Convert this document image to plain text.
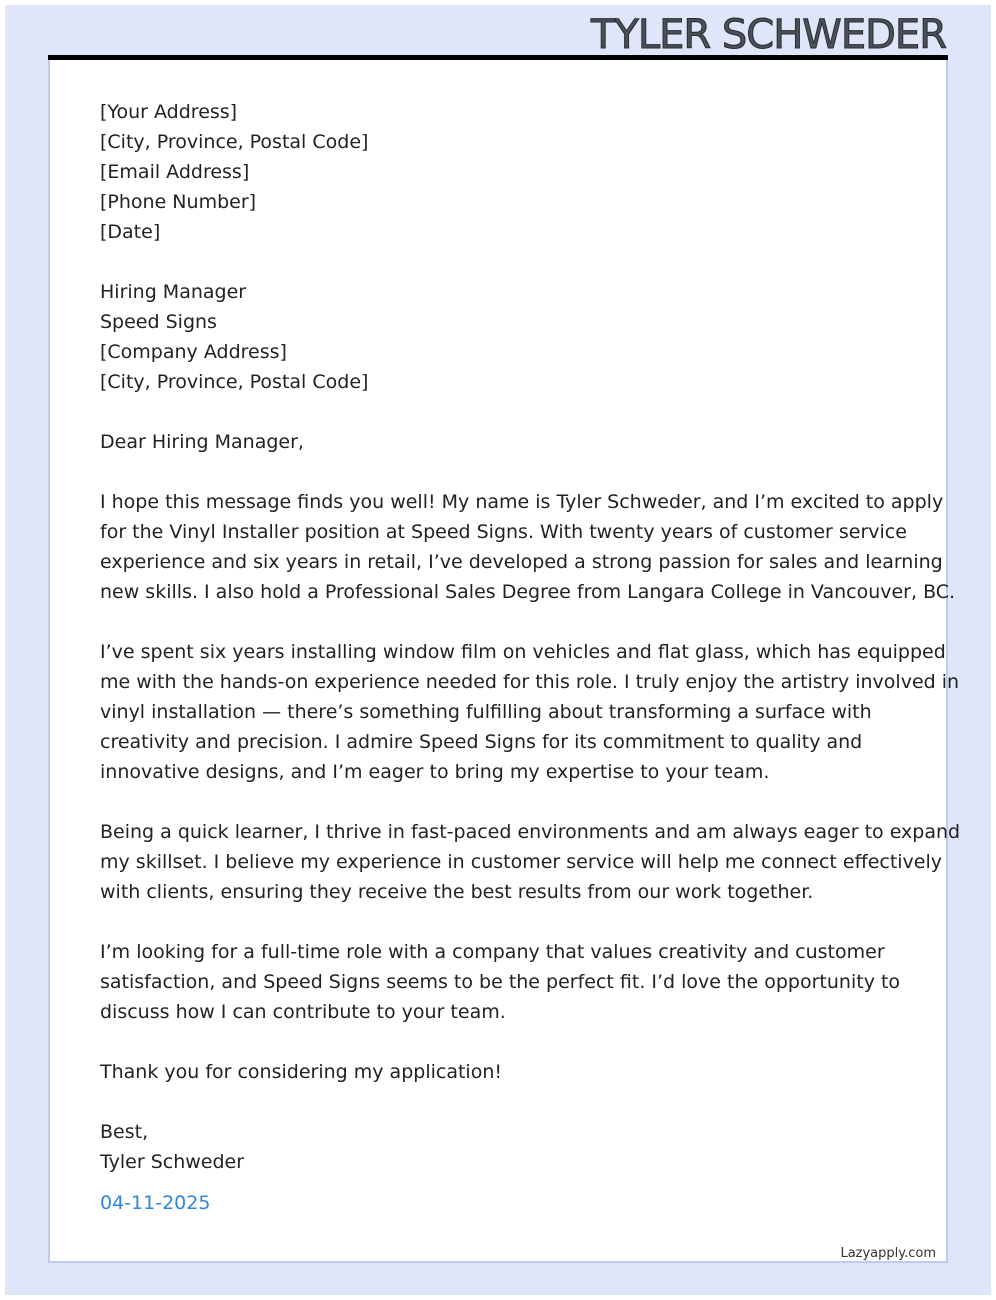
TYLER SCHWEDER
[Your Address]
[City, Province, Postal Code]
[Email Address]
[Phone Number]
[Date]
Hiring Manager
Speed Signs
[Company Address]
[City, Province, Postal Code]
Dear Hiring Manager,
I hope this message finds you well! My name is Tyler Schweder, and I’m excited to apply
for the Vinyl Installer position at Speed Signs. With twenty years of customer service
experience and six years in retail, I’ve developed a strong passion for sales and learning
new skills. I also hold a Professional Sales Degree from Langara College in Vancouver, BC.
I’ve spent six years installing window film on vehicles and flat glass, which has equipped
me with the hands-on experience needed for this role. I truly enjoy the artistry involved in
vinyl installation — there’s something fulfilling about transforming a surface with
creativity and precision. I admire Speed Signs for its commitment to quality and
innovative designs, and I’m eager to bring my expertise to your team.
Being a quick learner, I thrive in fast-paced environments and am always eager to expand
my skillset. I believe my experience in customer service will help me connect effectively
with clients, ensuring they receive the best results from our work together.
I’m looking for a full-time role with a company that values creativity and customer
satisfaction, and Speed Signs seems to be the perfect fit. I’d love the opportunity to
discuss how I can contribute to your team.
Thank you for considering my application!
Best,
Tyler Schweder
04-11-2025
Lazyapply.com
